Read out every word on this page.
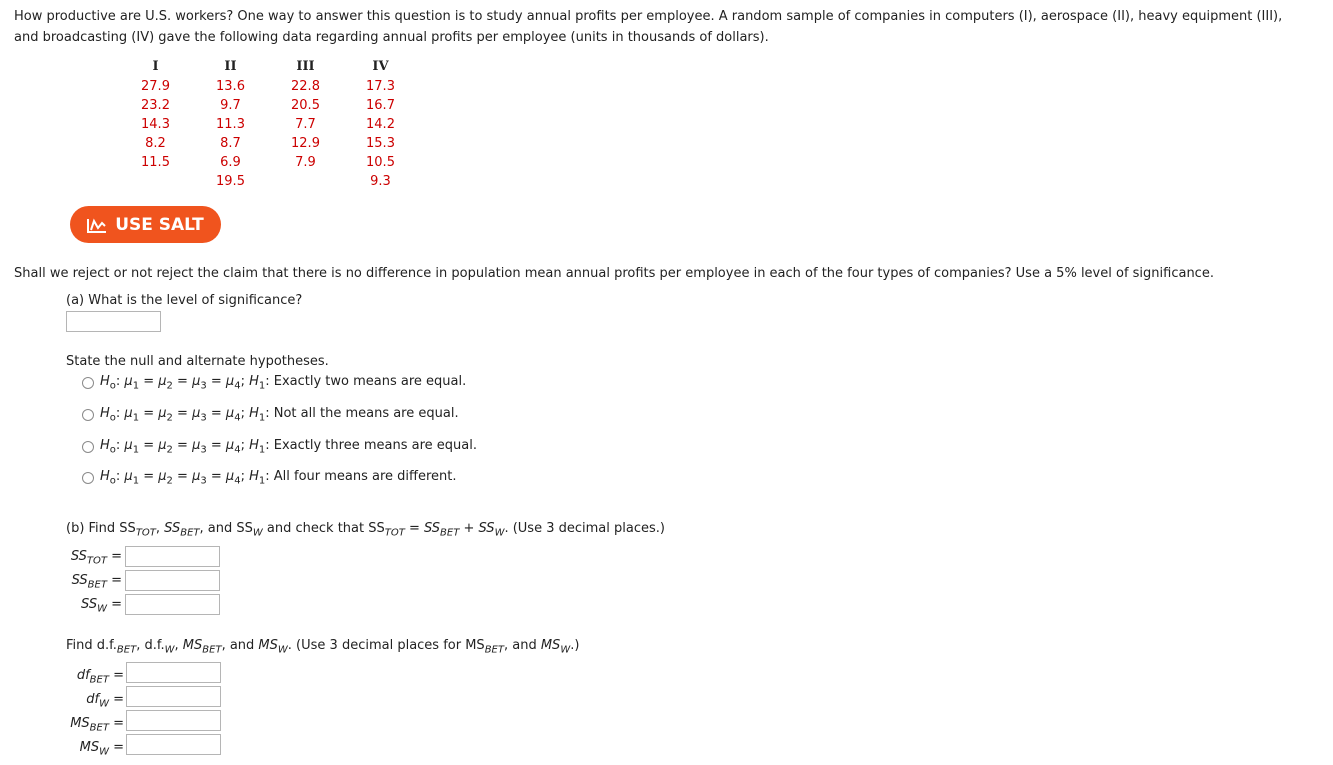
How productive are U.S. workers? One way to answer this question is to study annual profits per employee. A random sample of companies in computers (I), aerospace (II), heavy equipment (III),
and broadcasting (IV) gave the following data regarding annual profits per employee (units in thousands of dollars).
I	II	III	IV
27.9	13.6	22.8	17.3
23.2	9.7	20.5	16.7
14.3	11.3	7.7	14.2
8.2	8.7	12.9	15.3
11.5	6.9	7.9	10.5
	19.5		9.3
USE SALT
Shall we reject or not reject the claim that there is no difference in population mean annual profits per employee in each of the four types of companies? Use a 5% level of significance.
(a) What is the level of significance?
State the null and alternate hypotheses.
$H_o$: $\mu_1 = \mu_2 = \mu_3 = \mu_4$; $H_1$: Exactly two means are equal.
$H_o$: $\mu_1 = \mu_2 = \mu_3 = \mu_4$; $H_1$: Not all the means are equal.
$H_o$: $\mu_1 = \mu_2 = \mu_3 = \mu_4$; $H_1$: Exactly three means are equal.
$H_o$: $\mu_1 = \mu_2 = \mu_3 = \mu_4$; $H_1$: All four means are different.
(b) Find $SS_{TOT}$, $SS_{BET}$, and $SS_W$ and check that $SS_{TOT} = SS_{BET} + SS_W$. (Use 3 decimal places.)
$SS_{TOT}$ =
$SS_{BET}$ =
$SS_W$ =
Find $d.f._{BET}$, $d.f._W$, $MS_{BET}$, and $MS_W$. (Use 3 decimal places for $MS_{BET}$, and $MS_W$.)
$df_{BET}$ =
$df_W$ =
$MS_{BET}$ =
$MS_W$ =
